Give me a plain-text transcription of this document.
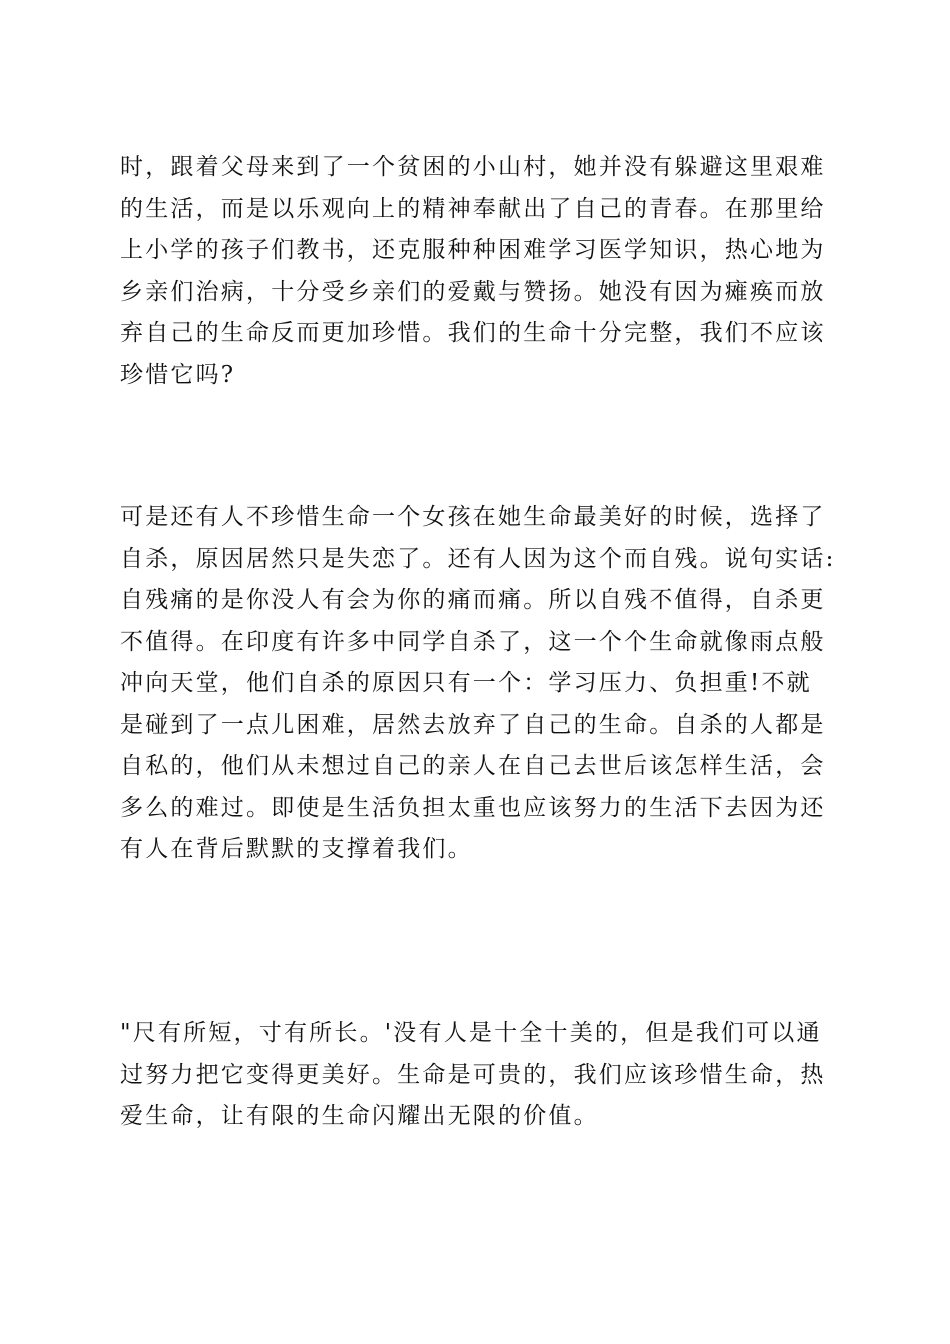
时，跟着父母来到了一个贫困的小山村，她并没有躲避这里艰难
的生活，而是以乐观向上的精神奉献出了自己的青春。在那里给
上小学的孩子们教书，还克服种种困难学习医学知识，热心地为
乡亲们治病，十分受乡亲们的爱戴与赞扬。她没有因为瘫痪而放
弃自己的生命反而更加珍惜。我们的生命十分完整，我们不应该
珍惜它吗?

可是还有人不珍惜生命一个女孩在她生命最美好的时候，选择了
自杀，原因居然只是失恋了。还有人因为这个而自残。说句实话:
自残痛的是你没人有会为你的痛而痛。所以自残不值得，自杀更
不值得。在印度有许多中同学自杀了，这一个个生命就像雨点般
冲向天堂，他们自杀的原因只有一个：学习压力、负担重!不就
是碰到了一点儿困难，居然去放弃了自己的生命。自杀的人都是
自私的，他们从未想过自己的亲人在自己去世后该怎样生活，会
多么的难过。即使是生活负担太重也应该努力的生活下去因为还
有人在背后默默的支撑着我们。

"尺有所短，寸有所长。'没有人是十全十美的，但是我们可以通
过努力把它变得更美好。生命是可贵的，我们应该珍惜生命，热
爱生命，让有限的生命闪耀出无限的价值。
